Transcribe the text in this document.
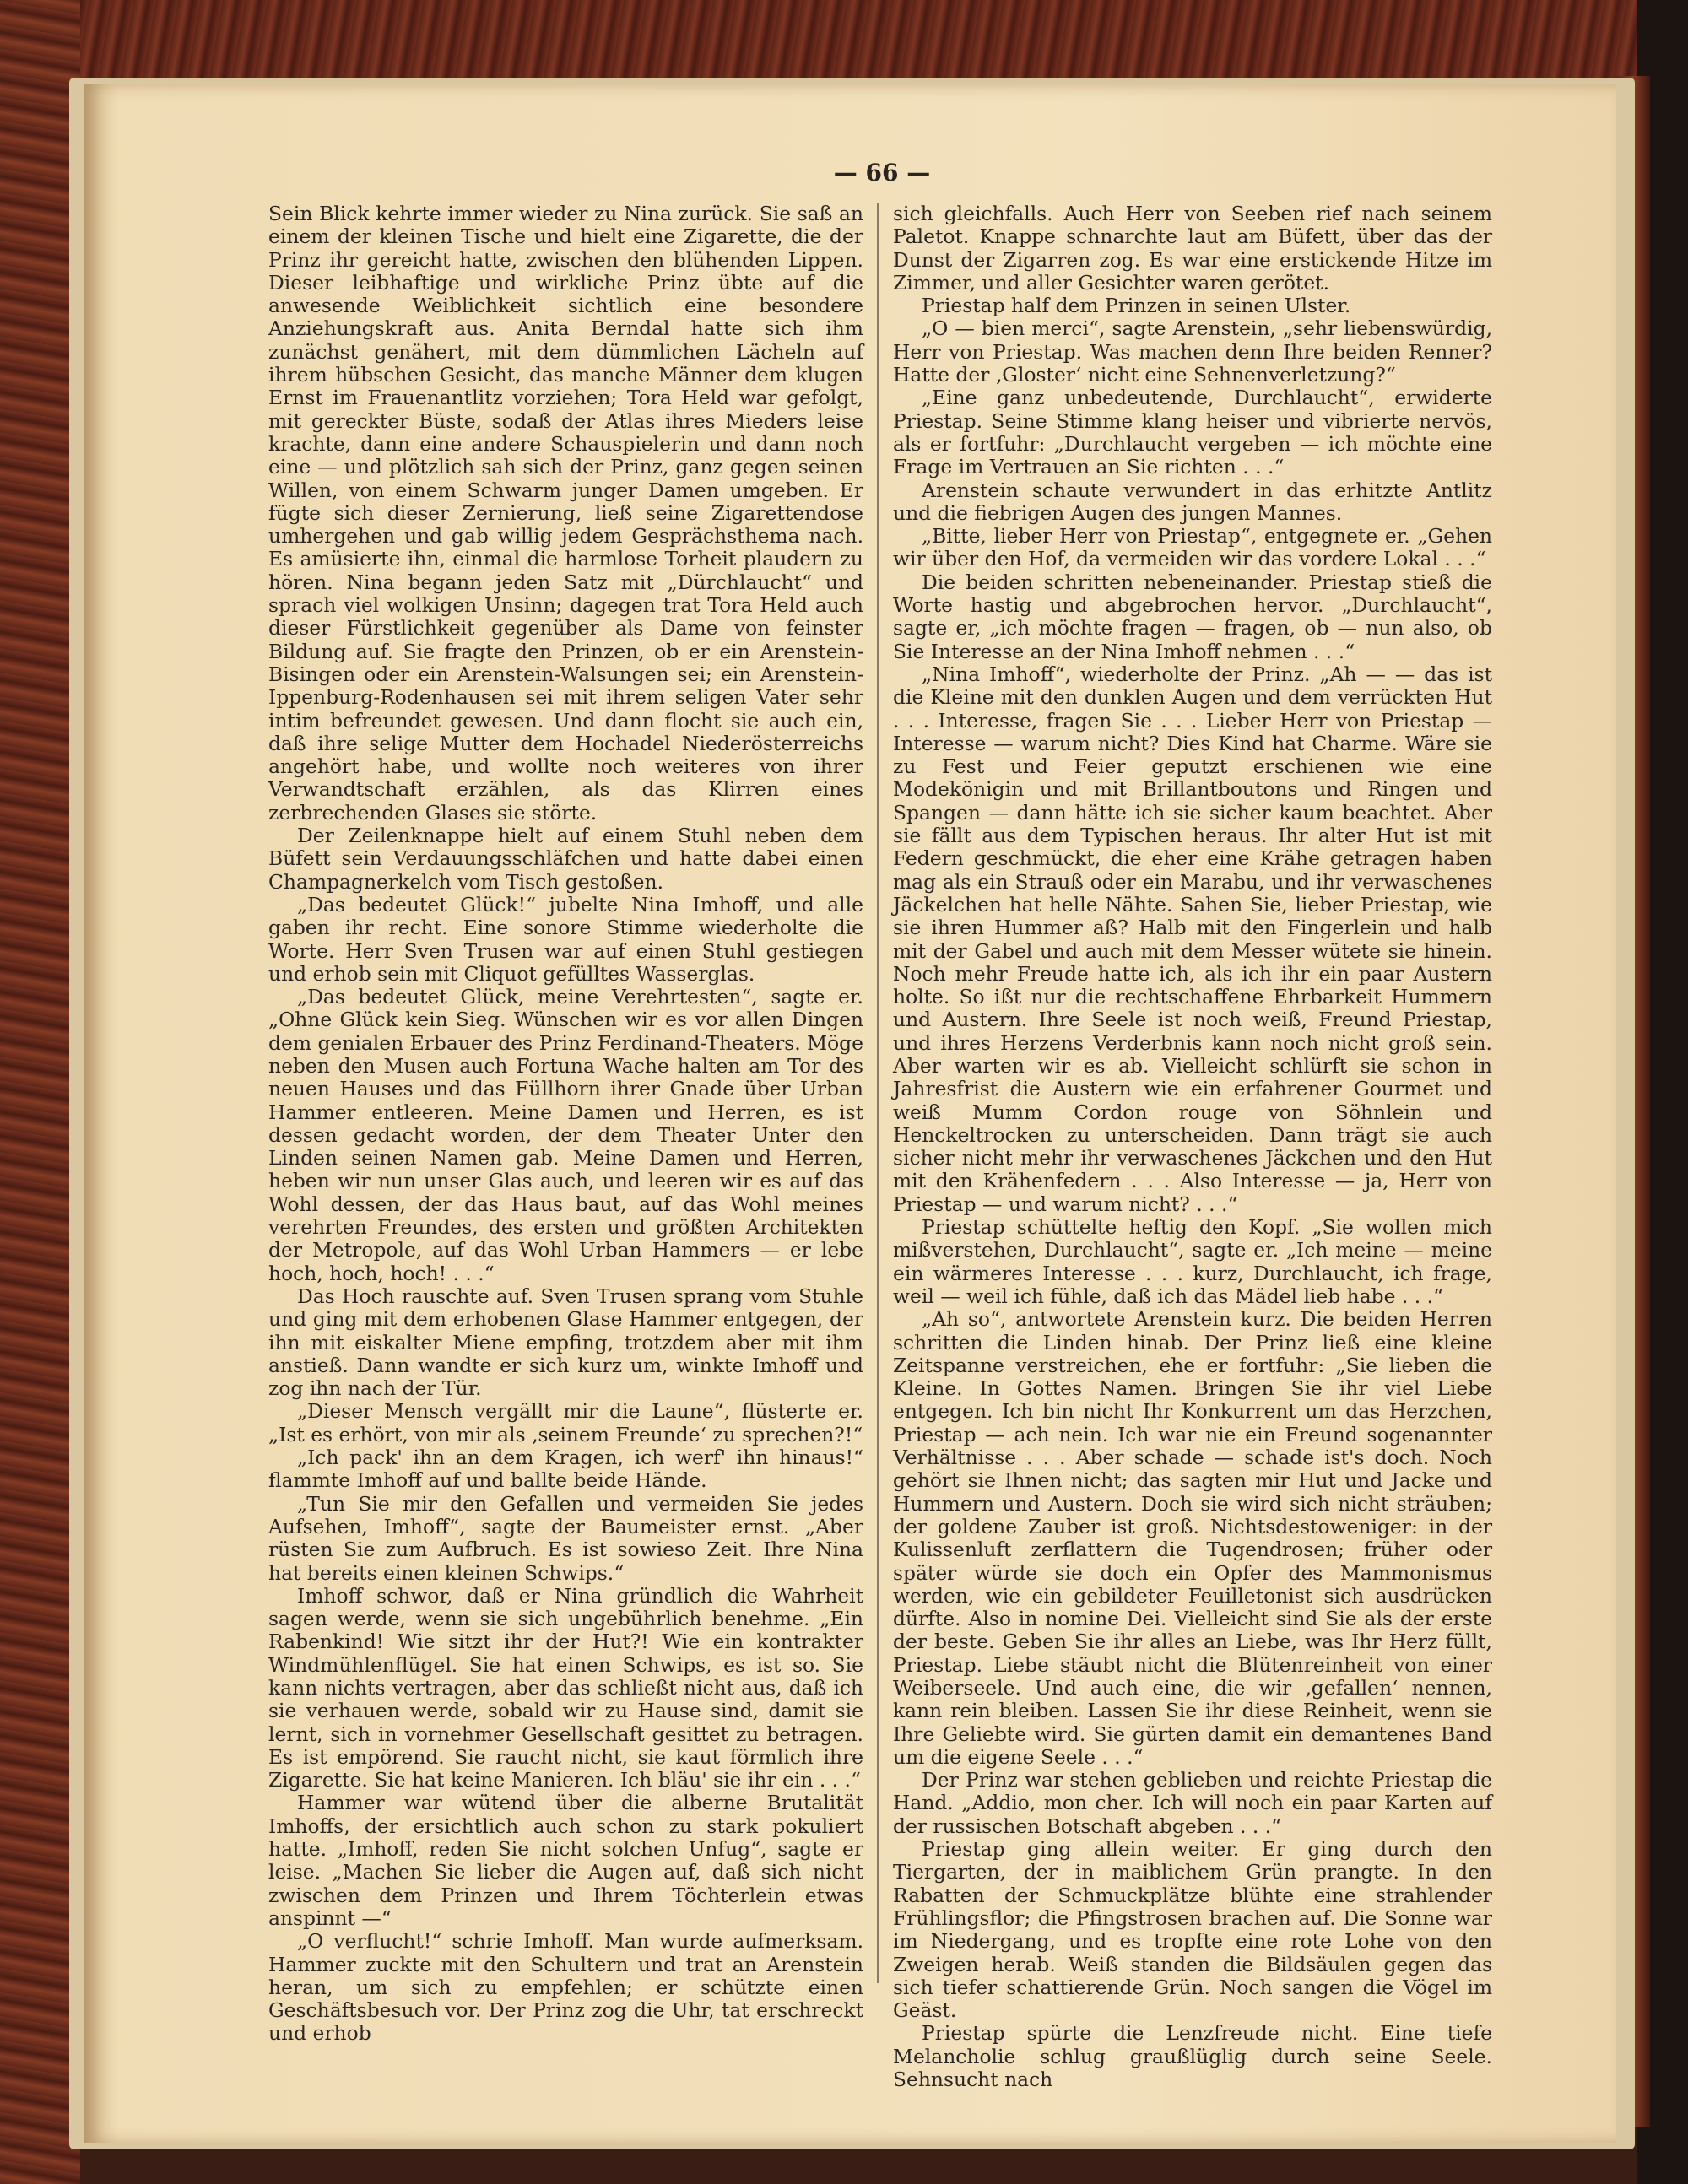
— 66 —

Sein Blick kehrte immer wieder zu Nina zurück. Sie saß an einem der kleinen Tische und hielt eine Zigarette, die der Prinz ihr gereicht hatte, zwischen den blühenden Lippen. Dieser leibhaftige und wirkliche Prinz übte auf die anwesende Weiblichkeit sichtlich eine besondere Anziehungskraft aus. Anita Berndal hatte sich ihm zunächst genähert, mit dem dümmlichen Lächeln auf ihrem hübschen Gesicht, das manche Männer dem klugen Ernst im Frauenantlitz vorziehen; Tora Held war gefolgt, mit gereckter Büste, sodaß der Atlas ihres Mieders leise krachte, dann eine andere Schauspielerin und dann noch eine — und plötzlich sah sich der Prinz, ganz gegen seinen Willen, von einem Schwarm junger Damen umgeben. Er fügte sich dieser Zernierung, ließ seine Zigarettendose umhergehen und gab willig jedem Gesprächsthema nach. Es amüsierte ihn, einmal die harmlose Torheit plaudern zu hören. Nina begann jeden Satz mit „Dürchlaucht“ und sprach viel wolkigen Unsinn; dagegen trat Tora Held auch dieser Fürstlichkeit gegenüber als Dame von feinster Bildung auf. Sie fragte den Prinzen, ob er ein Arenstein-Bisingen oder ein Arenstein-Walsungen sei; ein Arenstein-Ippenburg-Rodenhausen sei mit ihrem seligen Vater sehr intim befreundet gewesen. Und dann flocht sie auch ein, daß ihre selige Mutter dem Hochadel Niederösterreichs angehört habe, und wollte noch weiteres von ihrer Verwandtschaft erzählen, als das Klirren eines zerbrechenden Glases sie störte.

Der Zeilenknappe hielt auf einem Stuhl neben dem Büfett sein Verdauungsschläfchen und hatte dabei einen Champagnerkelch vom Tisch gestoßen.

„Das bedeutet Glück!“ jubelte Nina Imhoff, und alle gaben ihr recht. Eine sonore Stimme wiederholte die Worte. Herr Sven Trusen war auf einen Stuhl gestiegen und erhob sein mit Cliquot gefülltes Wasserglas.

„Das bedeutet Glück, meine Verehrtesten“, sagte er. „Ohne Glück kein Sieg. Wünschen wir es vor allen Dingen dem genialen Erbauer des Prinz Ferdinand-Theaters. Möge neben den Musen auch Fortuna Wache halten am Tor des neuen Hauses und das Füllhorn ihrer Gnade über Urban Hammer entleeren. Meine Damen und Herren, es ist dessen gedacht worden, der dem Theater Unter den Linden seinen Namen gab. Meine Damen und Herren, heben wir nun unser Glas auch, und leeren wir es auf das Wohl dessen, der das Haus baut, auf das Wohl meines verehrten Freundes, des ersten und größten Architekten der Metropole, auf das Wohl Urban Hammers — er lebe hoch, hoch, hoch! . . .“

Das Hoch rauschte auf. Sven Trusen sprang vom Stuhle und ging mit dem erhobenen Glase Hammer entgegen, der ihn mit eiskalter Miene empfing, trotzdem aber mit ihm anstieß. Dann wandte er sich kurz um, winkte Imhoff und zog ihn nach der Tür.

„Dieser Mensch vergällt mir die Laune“, flüsterte er. „Ist es erhört, von mir als ‚seinem Freunde‘ zu sprechen?!“

„Ich pack' ihn an dem Kragen, ich werf' ihn hinaus!“ flammte Imhoff auf und ballte beide Hände.

„Tun Sie mir den Gefallen und vermeiden Sie jedes Aufsehen, Imhoff“, sagte der Baumeister ernst. „Aber rüsten Sie zum Aufbruch. Es ist sowieso Zeit. Ihre Nina hat bereits einen kleinen Schwips.“

Imhoff schwor, daß er Nina gründlich die Wahrheit sagen werde, wenn sie sich ungebührlich benehme. „Ein Rabenkind! Wie sitzt ihr der Hut?! Wie ein kontrakter Windmühlenflügel. Sie hat einen Schwips, es ist so. Sie kann nichts vertragen, aber das schließt nicht aus, daß ich sie verhauen werde, sobald wir zu Hause sind, damit sie lernt, sich in vornehmer Gesellschaft gesittet zu betragen. Es ist empörend. Sie raucht nicht, sie kaut förmlich ihre Zigarette. Sie hat keine Manieren. Ich bläu' sie ihr ein . . .“

Hammer war wütend über die alberne Brutalität Imhoffs, der ersichtlich auch schon zu stark pokuliert hatte. „Imhoff, reden Sie nicht solchen Unfug“, sagte er leise. „Machen Sie lieber die Augen auf, daß sich nicht zwischen dem Prinzen und Ihrem Töchterlein etwas anspinnt —“

„O verflucht!“ schrie Imhoff. Man wurde aufmerksam. Hammer zuckte mit den Schultern und trat an Arenstein heran, um sich zu empfehlen; er schützte einen Geschäftsbesuch vor. Der Prinz zog die Uhr, tat erschreckt und erhob

sich gleichfalls. Auch Herr von Seeben rief nach seinem Paletot. Knappe schnarchte laut am Büfett, über das der Dunst der Zigarren zog. Es war eine erstickende Hitze im Zimmer, und aller Gesichter waren gerötet.

Priestap half dem Prinzen in seinen Ulster.

„O — bien merci“, sagte Arenstein, „sehr liebenswürdig, Herr von Priestap. Was machen denn Ihre beiden Renner? Hatte der ‚Gloster‘ nicht eine Sehnenverletzung?“

„Eine ganz unbedeutende, Durchlaucht“, erwiderte Priestap. Seine Stimme klang heiser und vibrierte nervös, als er fortfuhr: „Durchlaucht vergeben — ich möchte eine Frage im Vertrauen an Sie richten . . .“

Arenstein schaute verwundert in das erhitzte Antlitz und die fiebrigen Augen des jungen Mannes.

„Bitte, lieber Herr von Priestap“, entgegnete er. „Gehen wir über den Hof, da vermeiden wir das vordere Lokal . . .“

Die beiden schritten nebeneinander. Priestap stieß die Worte hastig und abgebrochen hervor. „Durchlaucht“, sagte er, „ich möchte fragen — fragen, ob — nun also, ob Sie Interesse an der Nina Imhoff nehmen . . .“

„Nina Imhoff“, wiederholte der Prinz. „Ah — — das ist die Kleine mit den dunklen Augen und dem verrückten Hut . . . Interesse, fragen Sie . . . Lieber Herr von Priestap — Interesse — warum nicht? Dies Kind hat Charme. Wäre sie zu Fest und Feier geputzt erschienen wie eine Modekönigin und mit Brillantboutons und Ringen und Spangen — dann hätte ich sie sicher kaum beachtet. Aber sie fällt aus dem Typischen heraus. Ihr alter Hut ist mit Federn geschmückt, die eher eine Krähe getragen haben mag als ein Strauß oder ein Marabu, und ihr verwaschenes Jäckelchen hat helle Nähte. Sahen Sie, lieber Priestap, wie sie ihren Hummer aß? Halb mit den Fingerlein und halb mit der Gabel und auch mit dem Messer wütete sie hinein. Noch mehr Freude hatte ich, als ich ihr ein paar Austern holte. So ißt nur die rechtschaffene Ehrbarkeit Hummern und Austern. Ihre Seele ist noch weiß, Freund Priestap, und ihres Herzens Verderbnis kann noch nicht groß sein. Aber warten wir es ab. Vielleicht schlürft sie schon in Jahresfrist die Austern wie ein erfahrener Gourmet und weiß Mumm Cordon rouge von Söhnlein und Henckeltrocken zu unterscheiden. Dann trägt sie auch sicher nicht mehr ihr verwaschenes Jäckchen und den Hut mit den Krähenfedern . . . Also Interesse — ja, Herr von Priestap — und warum nicht? . . .“

Priestap schüttelte heftig den Kopf. „Sie wollen mich mißverstehen, Durchlaucht“, sagte er. „Ich meine — meine ein wärmeres Interesse . . . kurz, Durchlaucht, ich frage, weil — weil ich fühle, daß ich das Mädel lieb habe . . .“

„Ah so“, antwortete Arenstein kurz. Die beiden Herren schritten die Linden hinab. Der Prinz ließ eine kleine Zeitspanne verstreichen, ehe er fortfuhr: „Sie lieben die Kleine. In Gottes Namen. Bringen Sie ihr viel Liebe entgegen. Ich bin nicht Ihr Konkurrent um das Herzchen, Priestap — ach nein. Ich war nie ein Freund sogenannter Verhältnisse . . . Aber schade — schade ist's doch. Noch gehört sie Ihnen nicht; das sagten mir Hut und Jacke und Hummern und Austern. Doch sie wird sich nicht sträuben; der goldene Zauber ist groß. Nichtsdestoweniger: in der Kulissenluft zerflattern die Tugendrosen; früher oder später würde sie doch ein Opfer des Mammonismus werden, wie ein gebildeter Feuilletonist sich ausdrücken dürfte. Also in nomine Dei. Vielleicht sind Sie als der erste der beste. Geben Sie ihr alles an Liebe, was Ihr Herz füllt, Priestap. Liebe stäubt nicht die Blütenreinheit von einer Weiberseele. Und auch eine, die wir ‚gefallen‘ nennen, kann rein bleiben. Lassen Sie ihr diese Reinheit, wenn sie Ihre Geliebte wird. Sie gürten damit ein demantenes Band um die eigene Seele . . .“

Der Prinz war stehen geblieben und reichte Priestap die Hand. „Addio, mon cher. Ich will noch ein paar Karten auf der russischen Botschaft abgeben . . .“

Priestap ging allein weiter. Er ging durch den Tiergarten, der in maiblichem Grün prangte. In den Rabatten der Schmuckplätze blühte eine strahlender Frühlingsflor; die Pfingstrosen brachen auf. Die Sonne war im Niedergang, und es tropfte eine rote Lohe von den Zweigen herab. Weiß standen die Bildsäulen gegen das sich tiefer schattierende Grün. Noch sangen die Vögel im Geäst.

Priestap spürte die Lenzfreude nicht. Eine tiefe Melancholie schlug graußlüglig durch seine Seele. Sehnsucht nach
